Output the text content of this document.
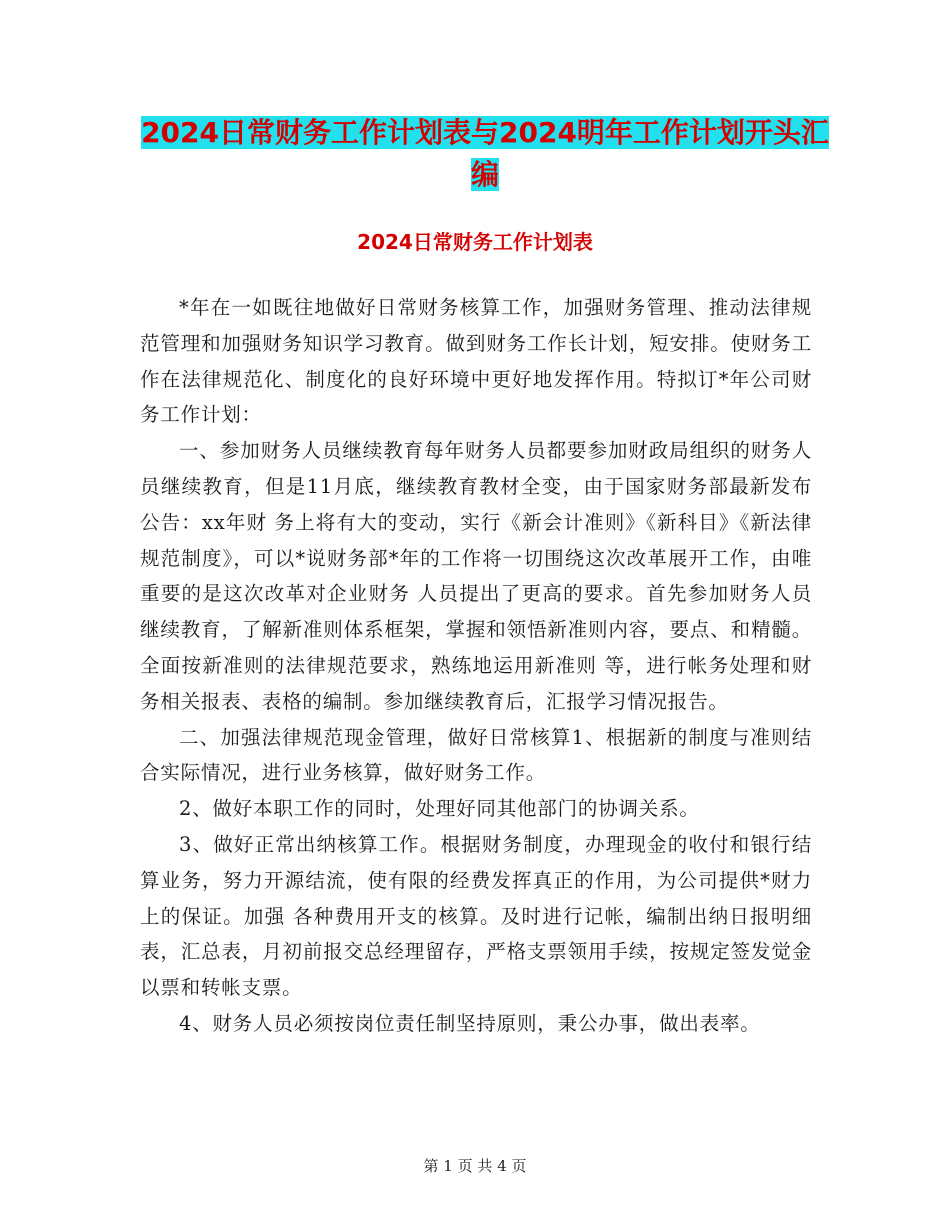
2024日常财务工作计划表与2024明年工作计划开头汇
编
2024日常财务工作计划表

*年在一如既往地做好日常财务核算工作，加强财务管理、推动法律规范管理和加强财务知识学习教育。做到财务工作长计划，短安排。使财务工作在法律规范化、制度化的良好环境中更好地发挥作用。特拟订*年公司财务工作计划：

一、参加财务人员继续教育每年财务人员都要参加财政局组织的财务人员继续教育，但是11月底，继续教育教材全变，由于国家财务部最新发布公告：xx年财 务上将有大的变动，实行《新会计准则》《新科目》《新法律规范制度》，可以*说财务部*年的工作将一切围绕这次改革展开工作，由唯重要的是这次改革对企业财务 人员提出了更高的要求。首先参加财务人员继续教育，了解新准则体系框架，掌握和领悟新准则内容，要点、和精髓。全面按新准则的法律规范要求，熟练地运用新准则 等，进行帐务处理和财务相关报表、表格的编制。参加继续教育后，汇报学习情况报告。

二、加强法律规范现金管理，做好日常核算1、根据新的制度与准则结合实际情况，进行业务核算，做好财务工作。

2、做好本职工作的同时，处理好同其他部门的协调关系。

3、做好正常出纳核算工作。根据财务制度，办理现金的收付和银行结算业务，努力开源结流，使有限的经费发挥真正的作用，为公司提供*财力上的保证。加强 各种费用开支的核算。及时进行记帐，编制出纳日报明细表，汇总表，月初前报交总经理留存，严格支票领用手续，按规定签发觉金以票和转帐支票。

4、财务人员必须按岗位责任制坚持原则，秉公办事，做出表率。

第 1 页 共 4 页
